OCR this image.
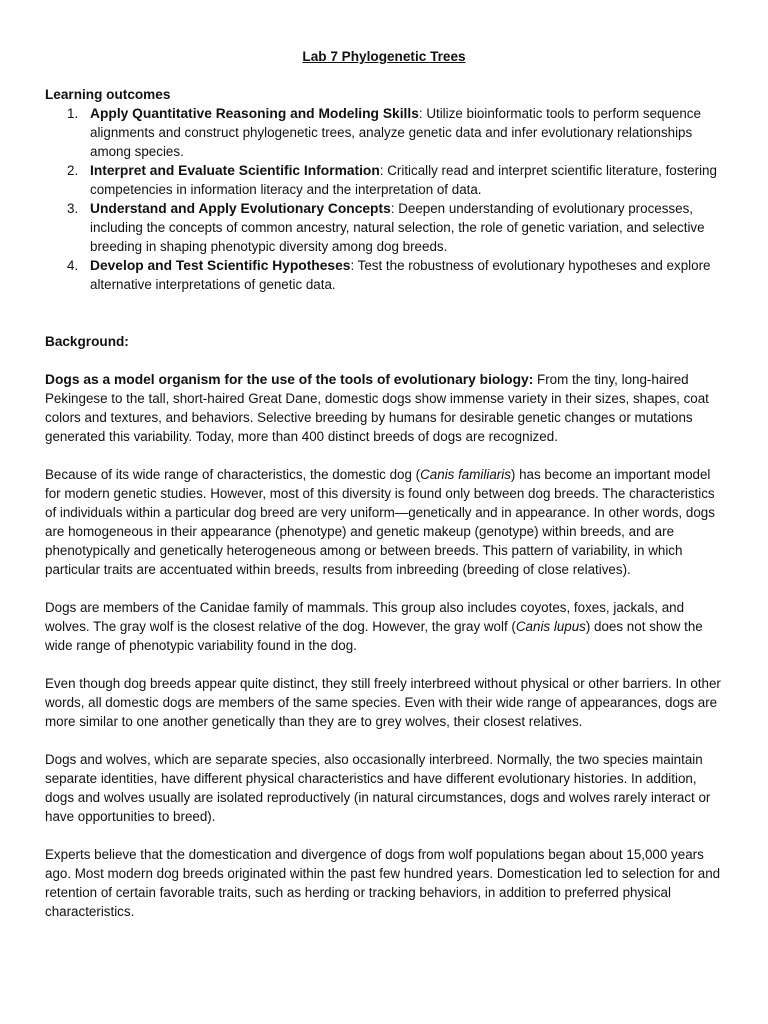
Lab 7 Phylogenetic Trees

Learning outcomes

1. Apply Quantitative Reasoning and Modeling Skills: Utilize bioinformatic tools to perform sequence alignments and construct phylogenetic trees, analyze genetic data and infer evolutionary relationships among species.
2. Interpret and Evaluate Scientific Information: Critically read and interpret scientific literature, fostering competencies in information literacy and the interpretation of data.
3. Understand and Apply Evolutionary Concepts: Deepen understanding of evolutionary processes, including the concepts of common ancestry, natural selection, the role of genetic variation, and selective breeding in shaping phenotypic diversity among dog breeds.
4. Develop and Test Scientific Hypotheses: Test the robustness of evolutionary hypotheses and explore alternative interpretations of genetic data.

Background:

Dogs as a model organism for the use of the tools of evolutionary biology: From the tiny, long-haired Pekingese to the tall, short-haired Great Dane, domestic dogs show immense variety in their sizes, shapes, coat colors and textures, and behaviors. Selective breeding by humans for desirable genetic changes or mutations generated this variability. Today, more than 400 distinct breeds of dogs are recognized.

Because of its wide range of characteristics, the domestic dog (Canis familiaris) has become an important model for modern genetic studies. However, most of this diversity is found only between dog breeds. The characteristics of individuals within a particular dog breed are very uniform—genetically and in appearance. In other words, dogs are homogeneous in their appearance (phenotype) and genetic makeup (genotype) within breeds, and are phenotypically and genetically heterogeneous among or between breeds. This pattern of variability, in which particular traits are accentuated within breeds, results from inbreeding (breeding of close relatives).

Dogs are members of the Canidae family of mammals. This group also includes coyotes, foxes, jackals, and wolves. The gray wolf is the closest relative of the dog. However, the gray wolf (Canis lupus) does not show the wide range of phenotypic variability found in the dog.

Even though dog breeds appear quite distinct, they still freely interbreed without physical or other barriers. In other words, all domestic dogs are members of the same species. Even with their wide range of appearances, dogs are more similar to one another genetically than they are to grey wolves, their closest relatives.

Dogs and wolves, which are separate species, also occasionally interbreed. Normally, the two species maintain separate identities, have different physical characteristics and have different evolutionary histories. In addition, dogs and wolves usually are isolated reproductively (in natural circumstances, dogs and wolves rarely interact or have opportunities to breed).

Experts believe that the domestication and divergence of dogs from wolf populations began about 15,000 years ago. Most modern dog breeds originated within the past few hundred years. Domestication led to selection for and retention of certain favorable traits, such as herding or tracking behaviors, in addition to preferred physical characteristics.
